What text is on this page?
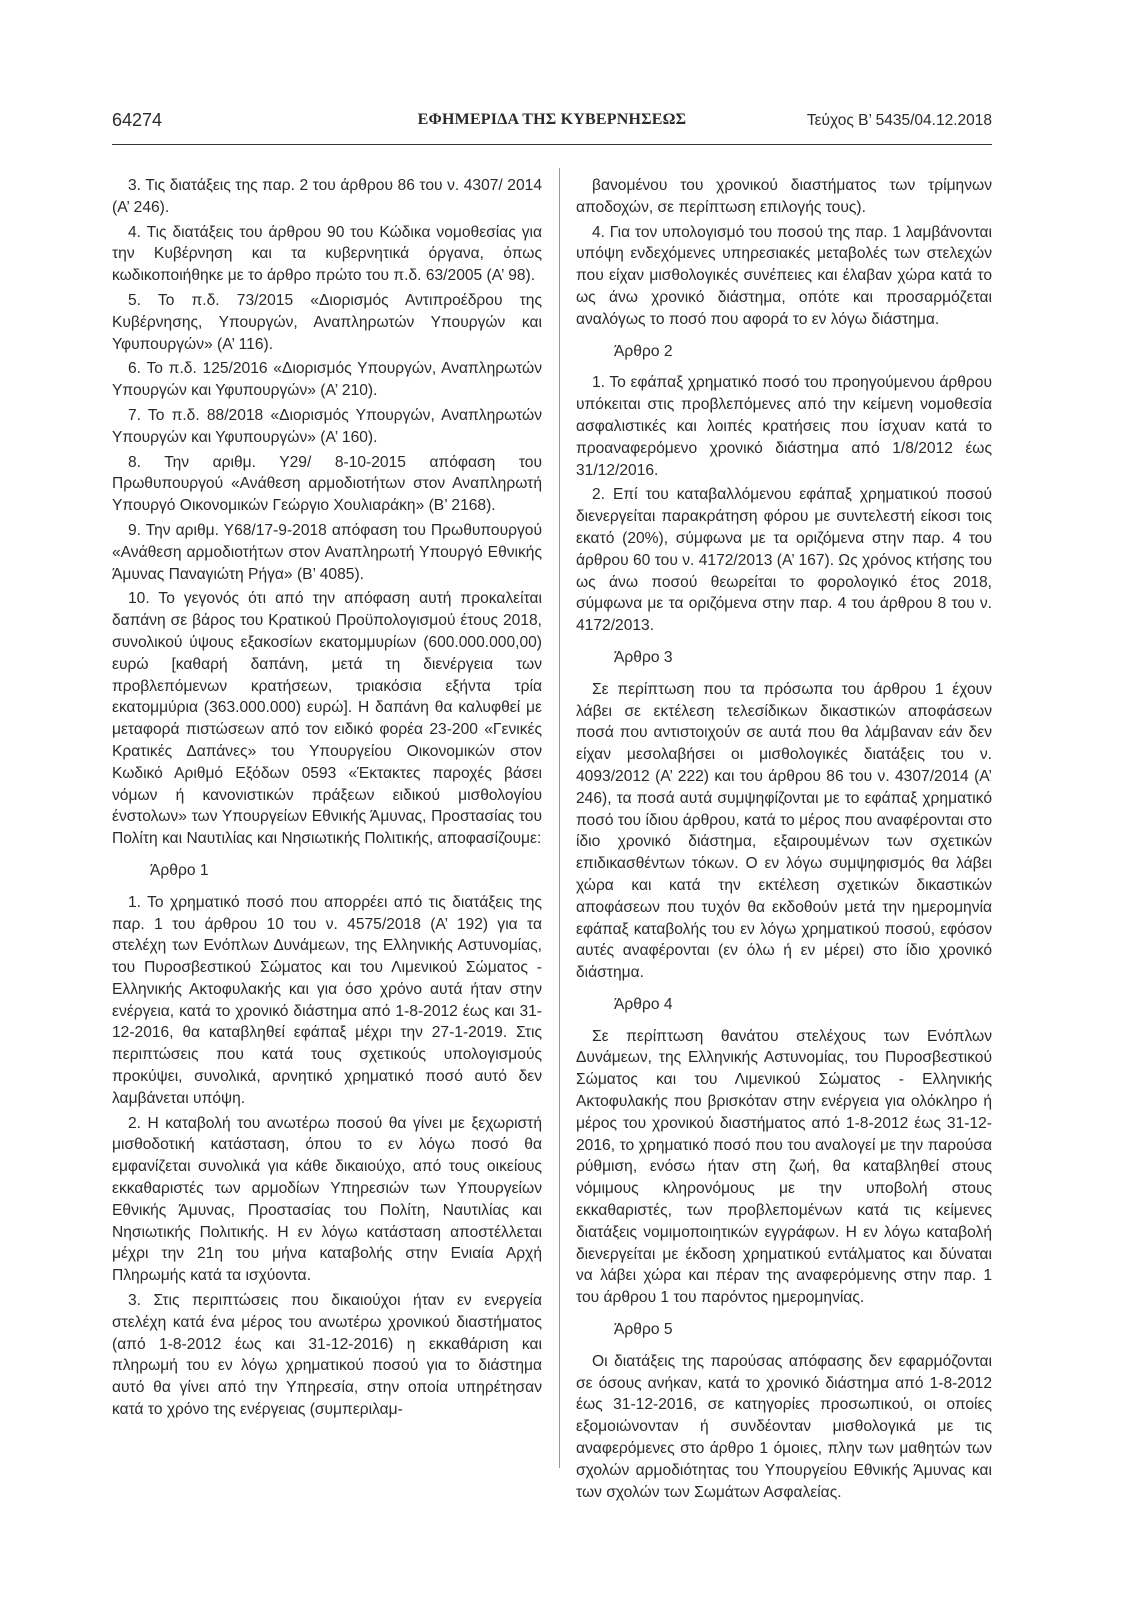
64274	ΕΦΗΜΕΡΙΔΑ ΤΗΣ ΚΥΒΕΡΝΗΣΕΩΣ	Τεύχος Β’ 5435/04.12.2018

3. Τις διατάξεις της παρ. 2 του άρθρου 86 του ν. 4307/ 2014 (Α’ 246).

4. Τις διατάξεις του άρθρου 90 του Κώδικα νομοθεσίας για την Κυβέρνηση και τα κυβερνητικά όργανα, όπως κωδικοποιήθηκε με το άρθρο πρώτο του π.δ. 63/2005 (Α’ 98).

5. Το π.δ. 73/2015 «Διορισμός Αντιπροέδρου της Κυβέρνησης, Υπουργών, Αναπληρωτών Υπουργών και Υφυπουργών» (Α’ 116).

6. Το π.δ. 125/2016 «Διορισμός Υπουργών, Αναπληρωτών Υπουργών και Υφυπουργών» (Α’ 210).

7. Το π.δ. 88/2018 «Διορισμός Υπουργών, Αναπληρωτών Υπουργών και Υφυπουργών» (Α’ 160).

8. Την αριθμ. Υ29/ 8-10-2015 απόφαση του Πρωθυπουργού «Ανάθεση αρμοδιοτήτων στον Αναπληρωτή Υπουργό Οικονομικών Γεώργιο Χουλιαράκη» (Β’ 2168).

9. Την αριθμ. Υ68/17-9-2018 απόφαση του Πρωθυπουργού «Ανάθεση αρμοδιοτήτων στον Αναπληρωτή Υπουργό Εθνικής Άμυνας Παναγιώτη Ρήγα» (Β’ 4085).

10. Το γεγονός ότι από την απόφαση αυτή προκαλείται δαπάνη σε βάρος του Κρατικού Προϋπολογισμού έτους 2018, συνολικού ύψους εξακοσίων εκατομμυρίων (600.000.000,00) ευρώ [καθαρή δαπάνη, μετά τη διενέργεια των προβλεπόμενων κρατήσεων, τριακόσια εξήντα τρία εκατομμύρια (363.000.000) ευρώ]. Η δαπάνη θα καλυφθεί με μεταφορά πιστώσεων από τον ειδικό φορέα 23-200 «Γενικές Κρατικές Δαπάνες» του Υπουργείου Οικονομικών στον Κωδικό Αριθμό Εξόδων 0593 «Έκτακτες παροχές βάσει νόμων ή κανονιστικών πράξεων ειδικού μισθολογίου ένστολων» των Υπουργείων Εθνικής Άμυνας, Προστασίας του Πολίτη και Ναυτιλίας και Νησιωτικής Πολιτικής, αποφασίζουμε:

Άρθρο 1

1. Το χρηματικό ποσό που απορρέει από τις διατάξεις της παρ. 1 του άρθρου 10 του ν. 4575/2018 (Α’ 192) για τα στελέχη των Ενόπλων Δυνάμεων, της Ελληνικής Αστυνομίας, του Πυροσβεστικού Σώματος και του Λιμενικού Σώματος - Ελληνικής Ακτοφυλακής και για όσο χρόνο αυτά ήταν στην ενέργεια, κατά το χρονικό διάστημα από 1-8-2012 έως και 31-12-2016, θα καταβληθεί εφάπαξ μέχρι την 27-1-2019. Στις περιπτώσεις που κατά τους σχετικούς υπολογισμούς προκύψει, συνολικά, αρνητικό χρηματικό ποσό αυτό δεν λαμβάνεται υπόψη.

2. Η καταβολή του ανωτέρω ποσού θα γίνει με ξεχωριστή μισθοδοτική κατάσταση, όπου το εν λόγω ποσό θα εμφανίζεται συνολικά για κάθε δικαιούχο, από τους οικείους εκκαθαριστές των αρμοδίων Υπηρεσιών των Υπουργείων Εθνικής Άμυνας, Προστασίας του Πολίτη, Ναυτιλίας και Νησιωτικής Πολιτικής. Η εν λόγω κατάσταση αποστέλλεται μέχρι την 21η του μήνα καταβολής στην Ενιαία Αρχή Πληρωμής κατά τα ισχύοντα.

3. Στις περιπτώσεις που δικαιούχοι ήταν εν ενεργεία στελέχη κατά ένα μέρος του ανωτέρω χρονικού διαστήματος (από 1-8-2012 έως και 31-12-2016) η εκκαθάριση και πληρωμή του εν λόγω χρηματικού ποσού για το διάστημα αυτό θα γίνει από την Υπηρεσία, στην οποία υπηρέτησαν κατά το χρόνο της ενέργειας (συμπεριλαμ-

βανομένου του χρονικού διαστήματος των τρίμηνων αποδοχών, σε περίπτωση επιλογής τους).

4. Για τον υπολογισμό του ποσού της παρ. 1 λαμβάνονται υπόψη ενδεχόμενες υπηρεσιακές μεταβολές των στελεχών που είχαν μισθολογικές συνέπειες και έλαβαν χώρα κατά το ως άνω χρονικό διάστημα, οπότε και προσαρμόζεται αναλόγως το ποσό που αφορά το εν λόγω διάστημα.

Άρθρο 2

1. Το εφάπαξ χρηματικό ποσό του προηγούμενου άρθρου υπόκειται στις προβλεπόμενες από την κείμενη νομοθεσία ασφαλιστικές και λοιπές κρατήσεις που ίσχυαν κατά το προαναφερόμενο χρονικό διάστημα από 1/8/2012 έως 31/12/2016.

2. Επί του καταβαλλόμενου εφάπαξ χρηματικού ποσού διενεργείται παρακράτηση φόρου με συντελεστή είκοσι τοις εκατό (20%), σύμφωνα με τα οριζόμενα στην παρ. 4 του άρθρου 60 του ν. 4172/2013 (Α’ 167). Ως χρόνος κτήσης του ως άνω ποσού θεωρείται το φορολογικό έτος 2018, σύμφωνα με τα οριζόμενα στην παρ. 4 του άρθρου 8 του ν. 4172/2013.

Άρθρο 3

Σε περίπτωση που τα πρόσωπα του άρθρου 1 έχουν λάβει σε εκτέλεση τελεσίδικων δικαστικών αποφάσεων ποσά που αντιστοιχούν σε αυτά που θα λάμβαναν εάν δεν είχαν μεσολαβήσει οι μισθολογικές διατάξεις του ν. 4093/2012 (Α’ 222) και του άρθρου 86 του ν. 4307/2014 (Α’ 246), τα ποσά αυτά συμψηφίζονται με το εφάπαξ χρηματικό ποσό του ίδιου άρθρου, κατά το μέρος που αναφέρονται στο ίδιο χρονικό διάστημα, εξαιρουμένων των σχετικών επιδικασθέντων τόκων. Ο εν λόγω συμψηφισμός θα λάβει χώρα και κατά την εκτέλεση σχετικών δικαστικών αποφάσεων που τυχόν θα εκδοθούν μετά την ημερομηνία εφάπαξ καταβολής του εν λόγω χρηματικού ποσού, εφόσον αυτές αναφέρονται (εν όλω ή εν μέρει) στο ίδιο χρονικό διάστημα.

Άρθρο 4

Σε περίπτωση θανάτου στελέχους των Ενόπλων Δυνάμεων, της Ελληνικής Αστυνομίας, του Πυροσβεστικού Σώματος και του Λιμενικού Σώματος - Ελληνικής Ακτοφυλακής που βρισκόταν στην ενέργεια για ολόκληρο ή μέρος του χρονικού διαστήματος από 1-8-2012 έως 31-12-2016, το χρηματικό ποσό που του αναλογεί με την παρούσα ρύθμιση, ενόσω ήταν στη ζωή, θα καταβληθεί στους νόμιμους κληρονόμους με την υποβολή στους εκκαθαριστές, των προβλεπομένων κατά τις κείμενες διατάξεις νομιμοποιητικών εγγράφων. Η εν λόγω καταβολή διενεργείται με έκδοση χρηματικού εντάλματος και δύναται να λάβει χώρα και πέραν της αναφερόμενης στην παρ. 1 του άρθρου 1 του παρόντος ημερομηνίας.

Άρθρο 5

Οι διατάξεις της παρούσας απόφασης δεν εφαρμόζονται σε όσους ανήκαν, κατά το χρονικό διάστημα από 1-8-2012 έως 31-12-2016, σε κατηγορίες προσωπικού, οι οποίες εξομοιώνονταν ή συνδέονταν μισθολογικά με τις αναφερόμενες στο άρθρο 1 όμοιες, πλην των μαθητών των σχολών αρμοδιότητας του Υπουργείου Εθνικής Άμυνας και των σχολών των Σωμάτων Ασφαλείας.
